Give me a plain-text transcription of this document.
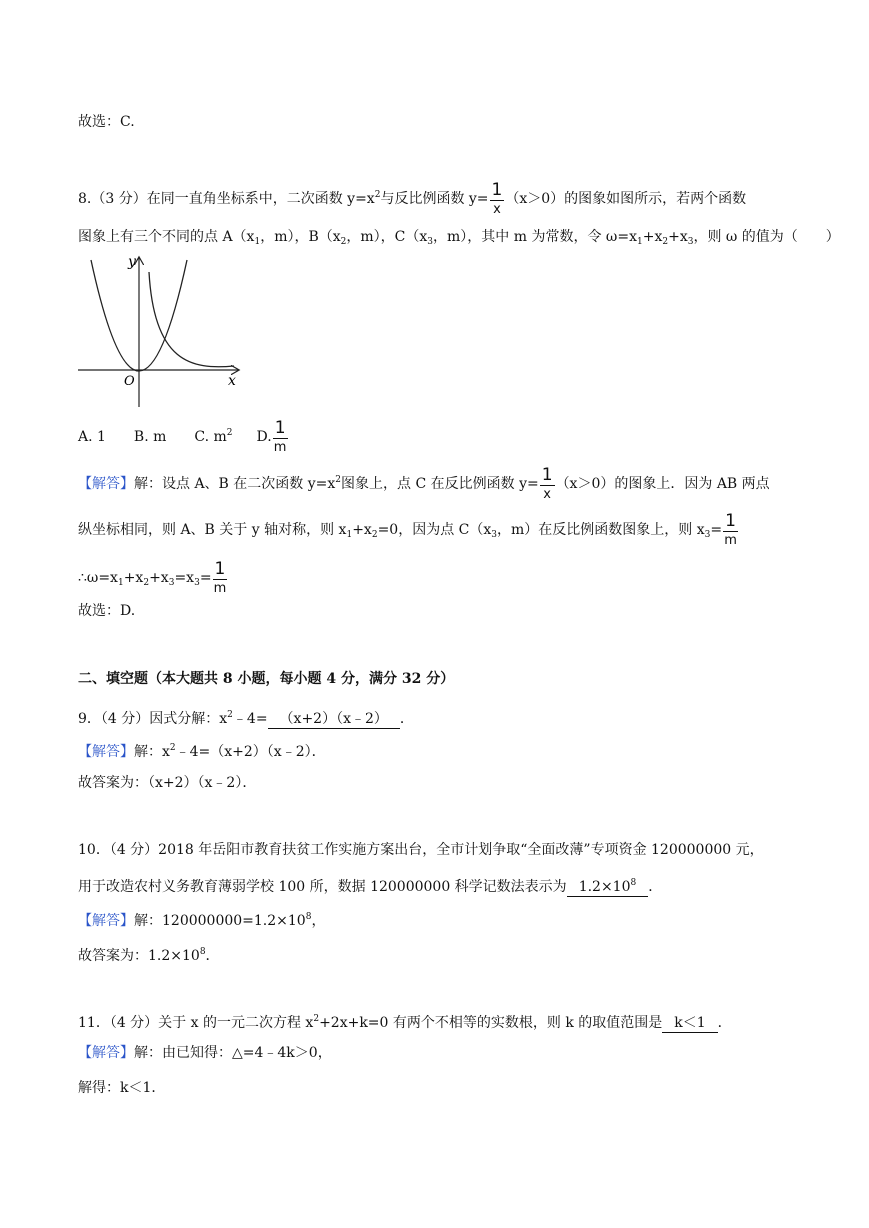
故选：C.
8.（3 分）在同一直角坐标系中，二次函数 $y=x^2$与反比例函数 $y= \frac{1}{x} (x>0)$的图象如图所示，若两个函数
图象上有三个不同的点 $A(x_1$，m），$B(x_2$，m），$C(x_3$，m），其中 m 为常数，令 $\omega=x_1+x_2+x_3$，则 ω 的值为（　　）
y
x
O
A. 1 B. m C. $m^2$ D. $\frac{1}{m}$
【解答】解：设点 A、B 在二次函数 $y=x^2$图象上，点 C 在反比例函数 $y= \frac{1}{x} (x>0)$的图象上．因为 AB 两点
纵坐标相同，则 A、B 关于 y 轴对称，则 $x_1+x_2=0$，因为点 $C(x_3$，m）在反比例函数图象上，则 $x_3= \frac{1}{m}$
$\therefore\omega=x_1+x_2+x_3=x_3= \frac{1}{m}$
故选：D.
二、填空题（本大题共 8 小题，每小题 4 分，满分 32 分）
9．（4 分）因式分解：$x^2﹣4=$ （x+2）（x﹣2） ．
【解答】解：$x^2﹣4=(x+2)(x﹣2)$．
故答案为：（x+2）（x﹣2）．
10．（4 分）2018 年岳阳市教育扶贫工作实施方案出台，全市计划争取“全面改薄”专项资金 120000000 元，
用于改造农村义务教育薄弱学校 100 所，数据 120000000 科学记数法表示为 $1.2\times 10^8$ ．
【解答】解：$120000000=1.2\times 10^8$，
故答案为：$1.2\times 10^8$．
11．（4 分）关于 x 的一元二次方程 $x^2+2x+k=0$ 有两个不相等的实数根，则 k 的取值范围是 k＜1 ．
【解答】解：由已知得：△=4﹣4k＞0，
解得：k＜1．
